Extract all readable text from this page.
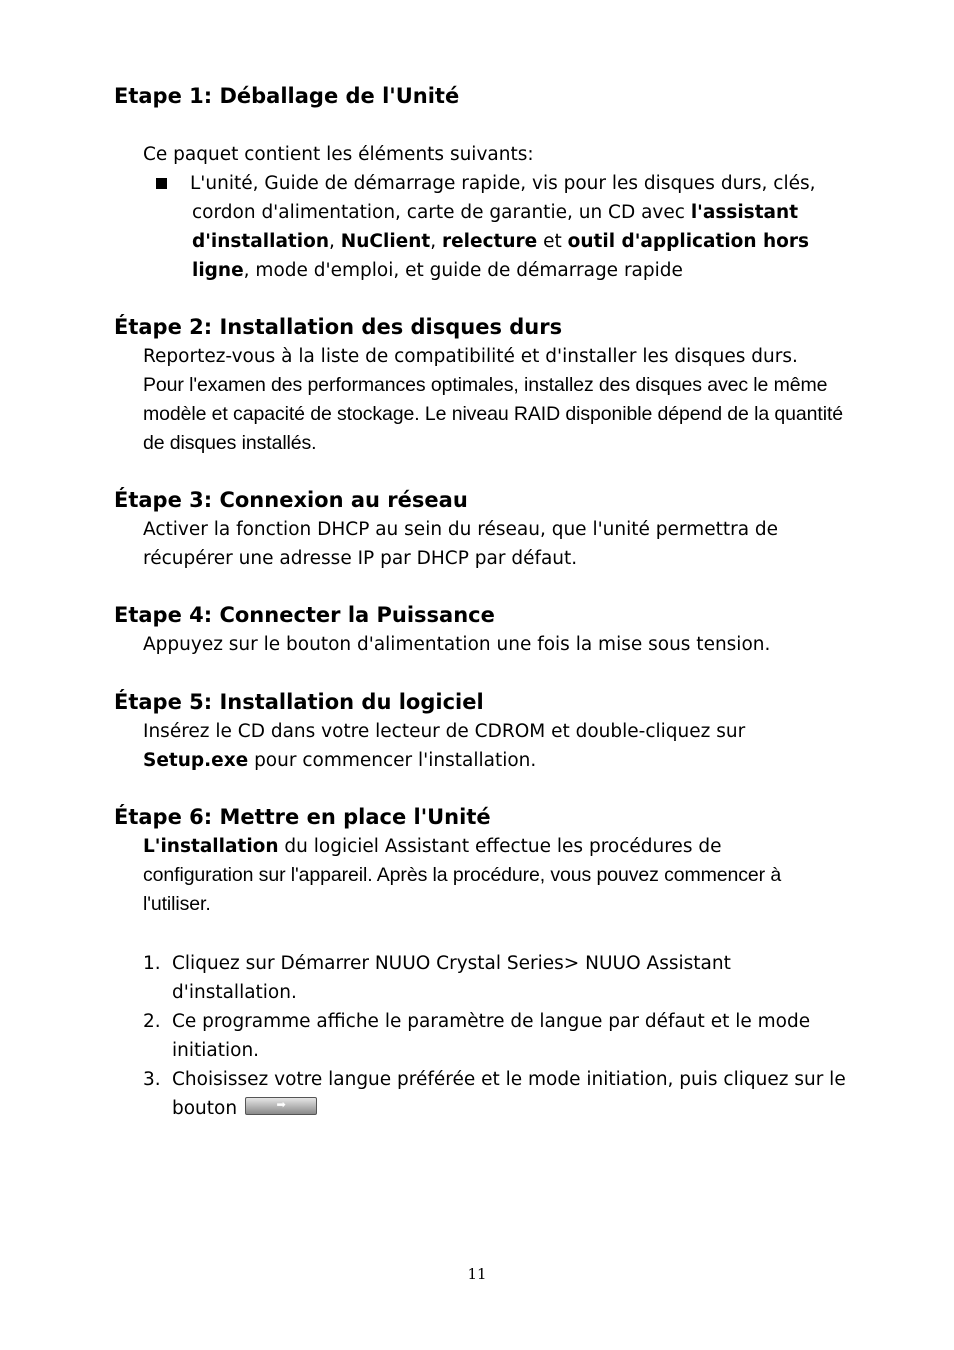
Etape 1: Déballage de l'Unité

Ce paquet contient les éléments suivants:

L'unité, Guide de démarrage rapide, vis pour les disques durs, clés, cordon d'alimentation, carte de garantie, un CD avec l'assistant d'installation, NuClient, relecture et outil d'application hors ligne, mode d'emploi, et guide de démarrage rapide

Étape 2: Installation des disques durs

Reportez-vous à la liste de compatibilité et d'installer les disques durs.

Pour l'examen des performances optimales, installez des disques avec le même modèle et capacité de stockage. Le niveau RAID disponible dépend de la quantité de disques installés.

Étape 3: Connexion au réseau

Activer la fonction DHCP au sein du réseau, que l'unité permettra de récupérer une adresse IP par DHCP par défaut.

Etape 4: Connecter la Puissance

Appuyez sur le bouton d'alimentation une fois la mise sous tension.

Étape 5: Installation du logiciel

Insérez le CD dans votre lecteur de CDROM et double-cliquez sur Setup.exe pour commencer l'installation.

Étape 6: Mettre en place l'Unité

L'installation du logiciel Assistant effectue les procédures de

configuration sur l'appareil. Après la procédure, vous pouvez commencer à l'utiliser.

1. Cliquez sur Démarrer NUUO Crystal Series> NUUO Assistant d'installation.
2. Ce programme affiche le paramètre de langue par défaut et le mode initiation.
3. Choisissez votre langue préférée et le mode initiation, puis cliquez sur le bouton	➡
11
